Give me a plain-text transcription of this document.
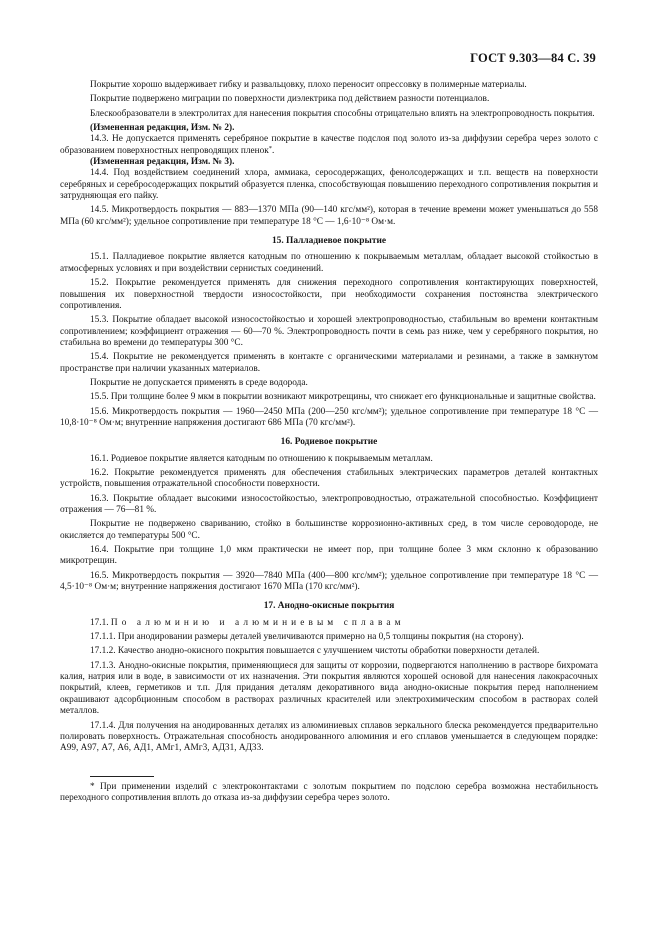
ГОСТ 9.303—84 С. 39

Покрытие хорошо выдерживает гибку и развальцовку, плохо переносит опрессовку в полимерные материалы.

Покрытие подвержено миграции по поверхности диэлектрика под действием разности потенциалов.

Блескообразователи в электролитах для нанесения покрытия способны отрицательно влиять на электропроводность покрытия.

(Измененная редакция, Изм. № 2).

14.3. Не допускается применять серебряное покрытие в качестве подслоя под золото из-за диффузии серебра через золото с образованием поверхностных непроводящих пленок*.

(Измененная редакция, Изм. № 3).

14.4. Под воздействием соединений хлора, аммиака, серосодержащих, фенолсодержащих и т.п. веществ на поверхности серебряных и серебросодержащих покрытий образуется пленка, способствующая повышению переходного сопротивления покрытия и затрудняющая его пайку.

14.5. Микротвердость покрытия — 883—1370 МПа (90—140 кгс/мм²), которая в течение времени может уменьшаться до 558 МПа (60 кгс/мм²); удельное сопротивление при температуре 18 °С — 1,6·10⁻⁸ Ом·м.

15. Палладиевое покрытие

15.1. Палладиевое покрытие является катодным по отношению к покрываемым металлам, обладает высокой стойкостью в атмосферных условиях и при воздействии сернистых соединений.

15.2. Покрытие рекомендуется применять для снижения переходного сопротивления контактирующих поверхностей, повышения их поверхностной твердости износостойкости, при необходимости сохранения постоянства электрического сопротивления.

15.3. Покрытие обладает высокой износостойкостью и хорошей электропроводностью, стабильным во времени контактным сопротивлением; коэффициент отражения — 60—70 %. Электропроводность почти в семь раз ниже, чем у серебряного покрытия, но стабильна во времени до температуры 300 °С.

15.4. Покрытие не рекомендуется применять в контакте с органическими материалами и резинами, а также в замкнутом пространстве при наличии указанных материалов.

Покрытие не допускается применять в среде водорода.

15.5. При толщине более 9 мкм в покрытии возникают микротрещины, что снижает его функциональные и защитные свойства.

15.6. Микротвердость покрытия — 1960—2450 МПа (200—250 кгс/мм²); удельное сопротивление при температуре 18 °С — 10,8·10⁻⁸ Ом·м; внутренние напряжения достигают 686 МПа (70 кгс/мм²).

16. Родиевое покрытие

16.1. Родиевое покрытие является катодным по отношению к покрываемым металлам.

16.2. Покрытие рекомендуется применять для обеспечения стабильных электрических параметров деталей контактных устройств, повышения отражательной способности поверхности.

16.3. Покрытие обладает высокими износостойкостью, электропроводностью, отражательной способностью. Коэффициент отражения — 76—81 %.

Покрытие не подвержено свариванию, стойко в большинстве коррозионно-активных сред, в том числе сероводороде, не окисляется до температуры 500 °С.

16.4. Покрытие при толщине 1,0 мкм практически не имеет пор, при толщине более 3 мкм склонно к образованию микротрещин.

16.5. Микротвердость покрытия — 3920—7840 МПа (400—800 кгс/мм²); удельное сопротивление при температуре 18 °С — 4,5·10⁻⁸ Ом·м; внутренние напряжения достигают 1670 МПа (170 кгс/мм²).

17. Анодно-окисные покрытия

17.1. По алюминию и алюминиевым сплавам

17.1.1. При анодировании размеры деталей увеличиваются примерно на 0,5 толщины покрытия (на сторону).

17.1.2. Качество анодно-окисного покрытия повышается с улучшением чистоты обработки поверхности деталей.

17.1.3. Анодно-окисные покрытия, применяющиеся для защиты от коррозии, подвергаются наполнению в растворе бихромата калия, натрия или в воде, в зависимости от их назначения. Эти покрытия являются хорошей основой для нанесения лакокрасочных покрытий, клеев, герметиков и т.п. Для придания деталям декоративного вида анодно-окисные покрытия перед наполнением окрашивают адсорбционным способом в растворах различных красителей или электрохимическим способом в растворах солей металлов.

17.1.4. Для получения на анодированных деталях из алюминиевых сплавов зеркального блеска рекомендуется предварительно полировать поверхность. Отражательная способность анодированного алюминия и его сплавов уменьшается в следующем порядке: А99, А97, А7, А6, АД1, АМг1, АМг3, АД31, АД33.

* При применении изделий с электроконтактами с золотым покрытием по подслою серебра возможна нестабильность переходного сопротивления вплоть до отказа из-за диффузии серебра через золото.
